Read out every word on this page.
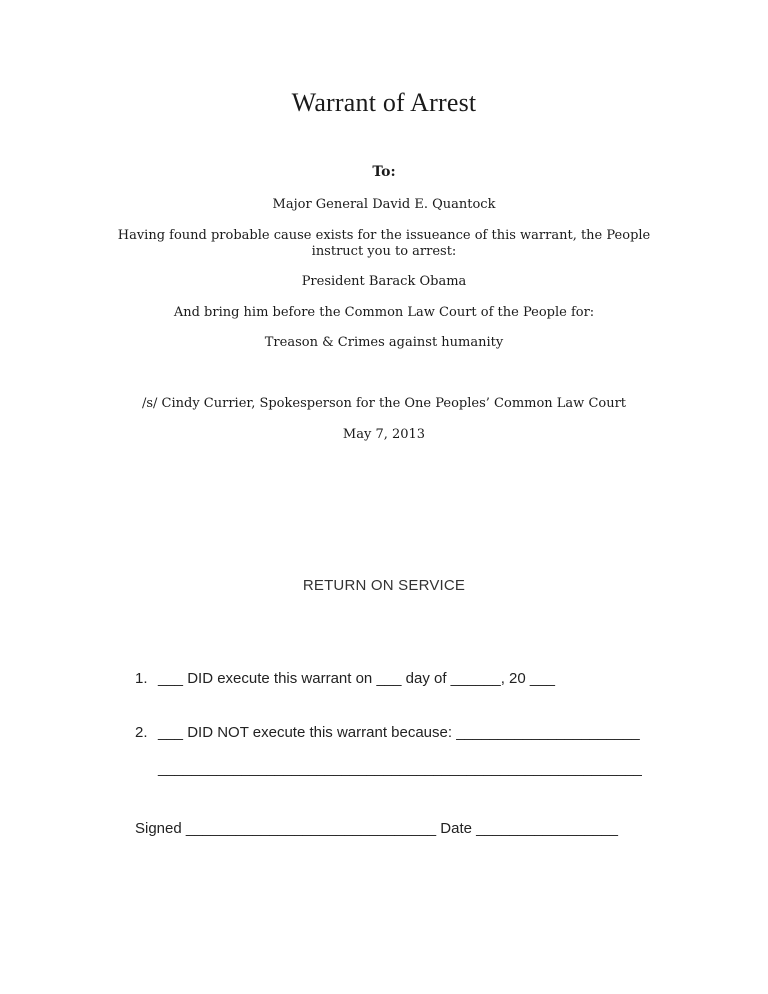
Warrant of Arrest
To:
Major General David E. Quantock
Having found probable cause exists for the issueance of this warrant, the People
instruct you to arrest:
President Barack Obama
And bring him before the Common Law Court of the People for:
Treason & Crimes against humanity
/s/ Cindy Currier, Spokesperson for the One Peoples’ Common Law Court
May 7, 2013
RETURN ON SERVICE
1. ___ DID execute this warrant on ___ day of ______, 20 ___
2. ___ DID NOT execute this warrant because: ______________________
__________________________________________________________
Signed ______________________________ Date _________________
